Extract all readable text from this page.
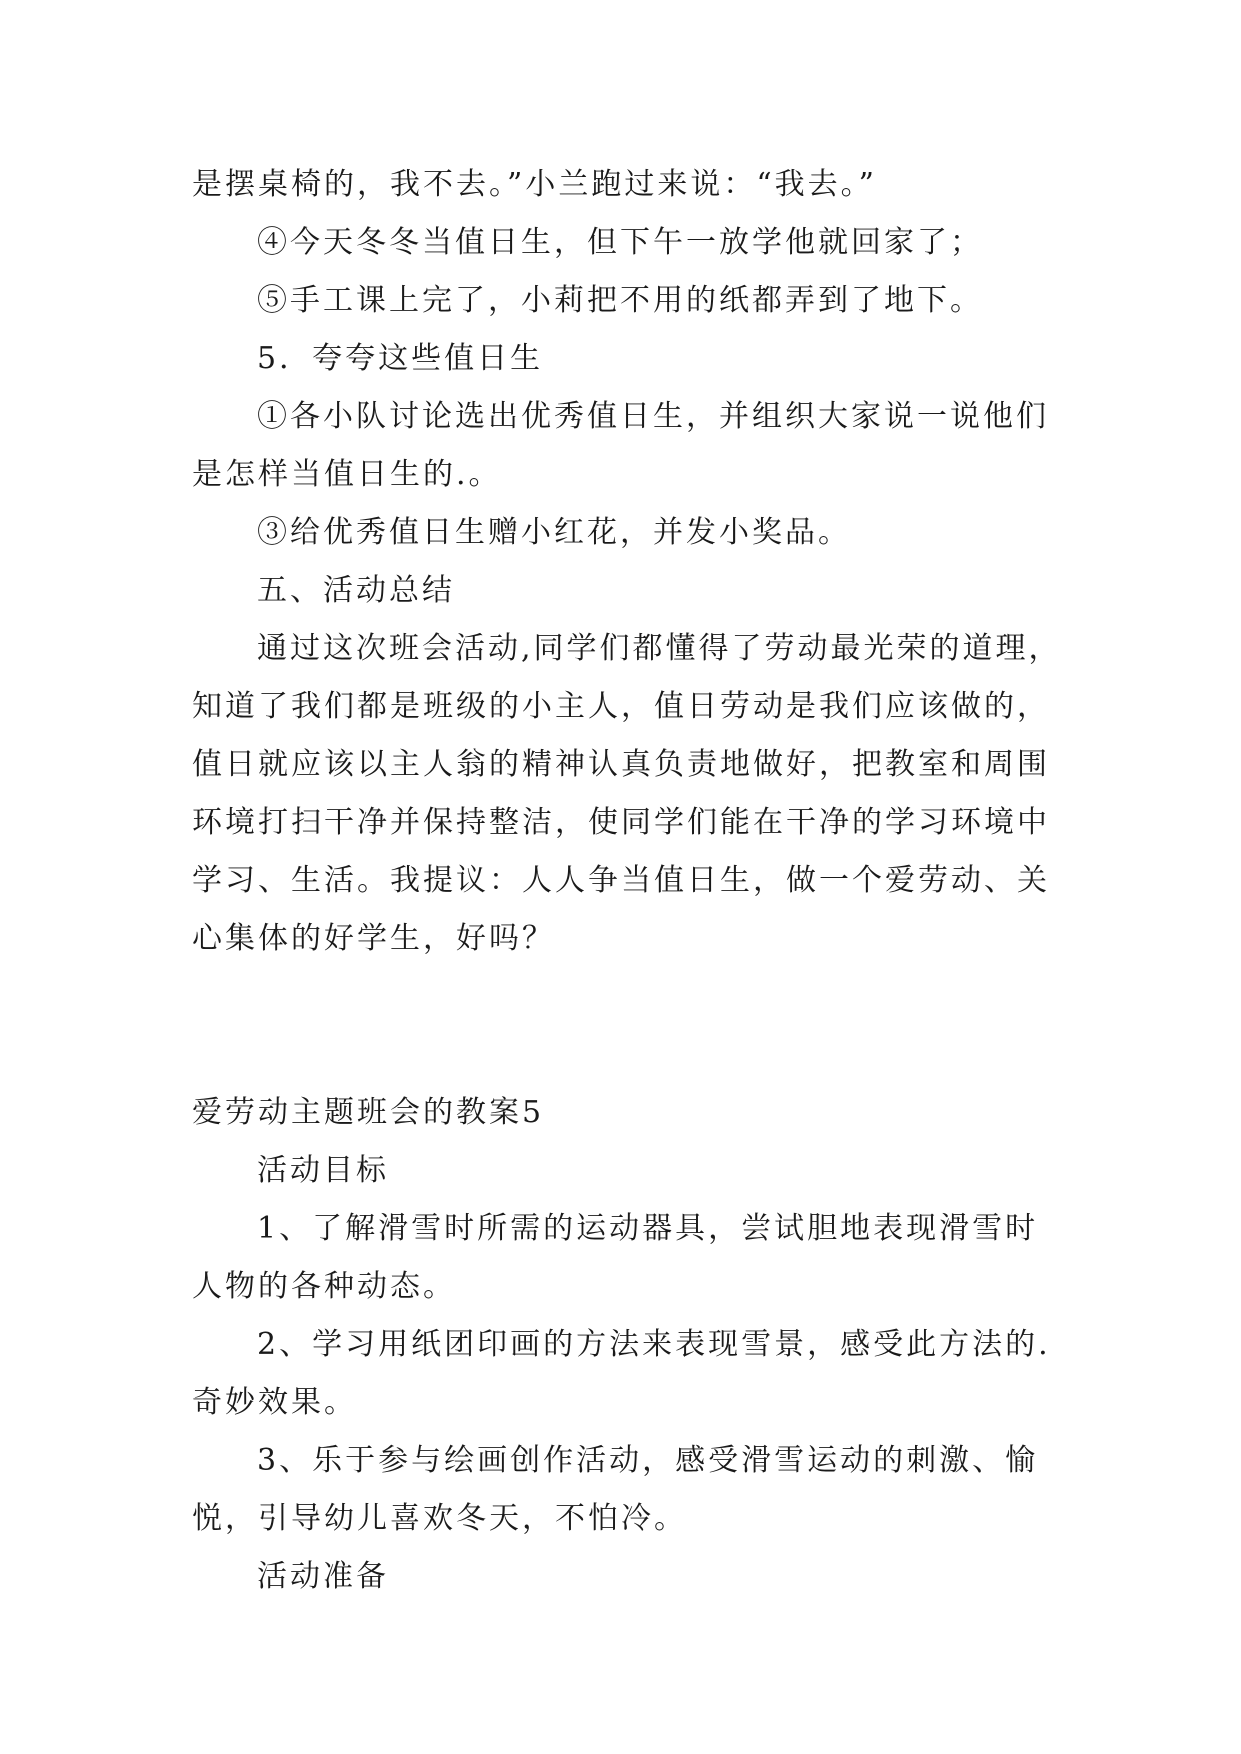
是摆桌椅的，我不去。”小兰跑过来说：“我去。”
④今天冬冬当值日生，但下午一放学他就回家了；
⑤手工课上完了，小莉把不用的纸都弄到了地下。
5．夸夸这些值日生
①各小队讨论选出优秀值日生，并组织大家说一说他们
是怎样当值日生的.。
③给优秀值日生赠小红花，并发小奖品。
五、活动总结
通过这次班会活动,同学们都懂得了劳动最光荣的道理，
知道了我们都是班级的小主人，值日劳动是我们应该做的，
值日就应该以主人翁的精神认真负责地做好，把教室和周围
环境打扫干净并保持整洁，使同学们能在干净的学习环境中
学习、生活。我提议：人人争当值日生，做一个爱劳动、关
心集体的好学生，好吗？
爱劳动主题班会的教案5
活动目标
1、了解滑雪时所需的运动器具，尝试胆地表现滑雪时
人物的各种动态。
2、学习用纸团印画的方法来表现雪景，感受此方法的.
奇妙效果。
3、乐于参与绘画创作活动，感受滑雪运动的刺激、愉
悦，引导幼儿喜欢冬天，不怕冷。
活动准备
